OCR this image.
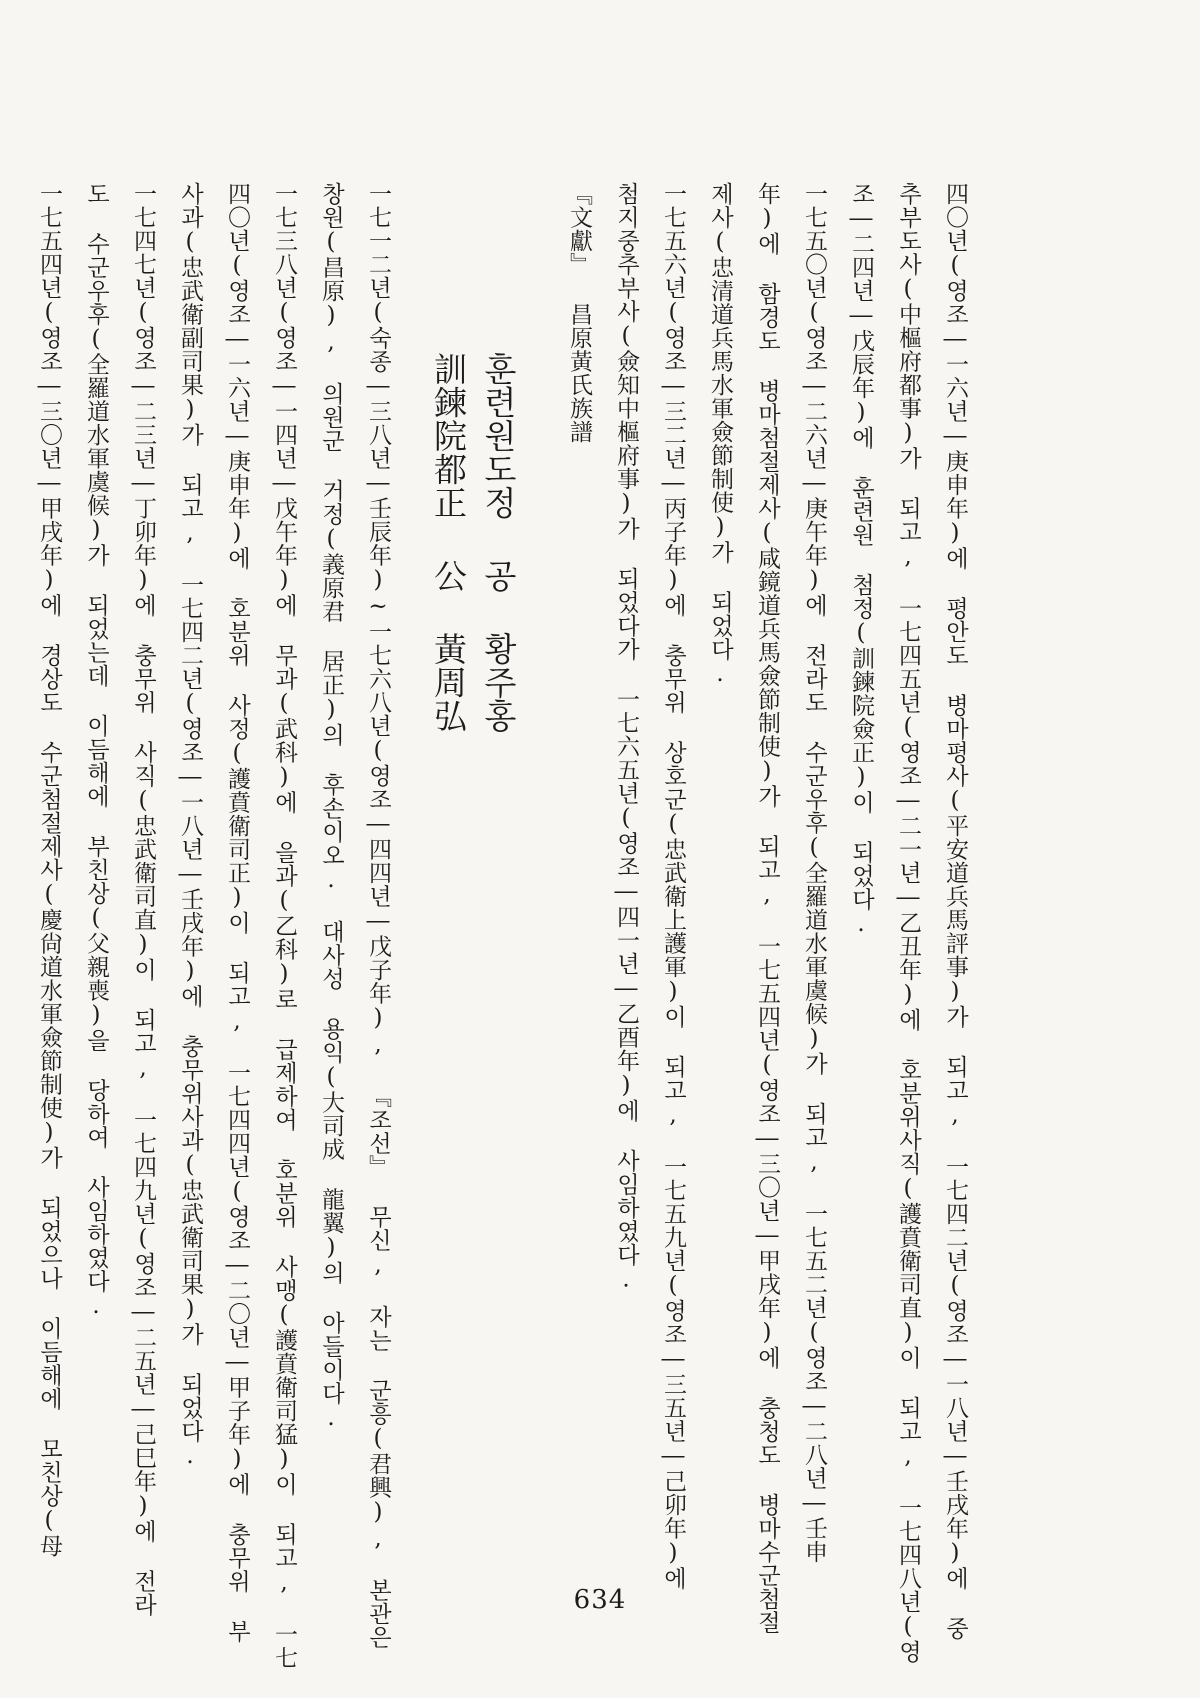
四〇년(영조―一六년―庚申年)에 평안도 병마평사(平安道兵馬評事)가 되고, 一七四二년(영조―一八년―壬戌年)에 중
추부도사(中樞府都事)가 되고, 一七四五년(영조―二一년―乙丑年)에 호분위사직(護賁衛司直)이 되고, 一七四八년(영
조―二四년―戊辰年)에 훈련원 첨정(訓鍊院僉正)이 되었다.
一七五〇년(영조―二六년―庚午年)에 전라도 수군우후(全羅道水軍虞候)가 되고, 一七五二년(영조―二八년―壬申
年)에 함경도 병마첨절제사(咸鏡道兵馬僉節制使)가 되고, 一七五四년(영조―三〇년―甲戌年)에 충청도 병마수군첨절
제사(忠清道兵馬水軍僉節制使)가 되었다.
一七五六년(영조―三二년―丙子年)에 충무위 상호군(忠武衛上護軍)이 되고, 一七五九년(영조―三五년―己卯年)에
첨지중추부사(僉知中樞府事)가 되었다가 一七六五년(영조―四一년―乙酉年)에 사임하였다.
『文獻』 昌原黃氏族譜
훈련원도정 공 황주홍
訓鍊院都正 公 黃周弘
一七一二년(숙종―三八년―壬辰年)~一七六八년(영조―四四년―戊子年), 『조선』 무신, 자는 군흥(君興), 본관은
창원(昌原), 의원군 거정(義原君 居正)의 후손이오. 대사성 용익(大司成 龍翼)의 아들이다.
一七三八년(영조―一四년―戊午年)에 무과(武科)에 을과(乙科)로 급제하여 호분위 사맹(護賁衛司猛)이 되고, 一七
四〇년(영조―一六년―庚申年)에 호분위 사정(護賁衛司正)이 되고, 一七四四년(영조―二〇년―甲子年)에 충무위 부
사과(忠武衛副司果)가 되고, 一七四二년(영조―一八년―壬戌年)에 충무위사과(忠武衛司果)가 되었다.
一七四七년(영조―二三년―丁卯年)에 충무위 사직(忠武衛司直)이 되고, 一七四九년(영조―二五년―己巳年)에 전라
도 수군우후(全羅道水軍虞候)가 되었는데 이듬해에 부친상(父親喪)을 당하여 사임하였다.
一七五四년(영조―三〇년―甲戌年)에 경상도 수군첨절제사(慶尙道水軍僉節制使)가 되었으나 이듬해에 모친상(母
634
